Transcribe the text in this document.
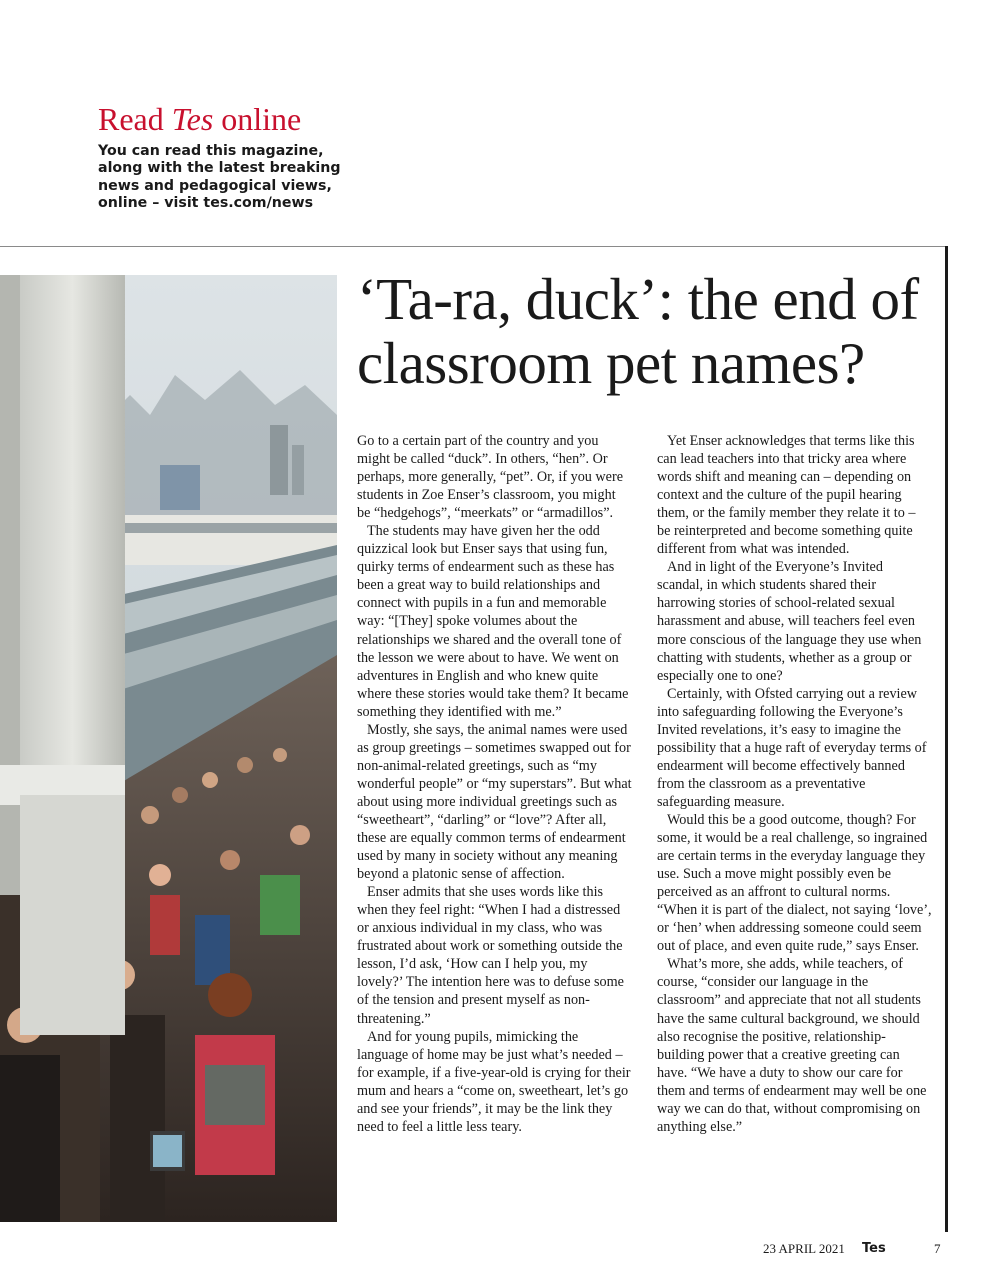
Read Tes online
You can read this magazine, along with the latest breaking news and pedagogical views, online – visit tes.com/news
‘Ta-ra, duck’: the end of classroom pet names?

Go to a certain part of the country and you might be called “duck”. In others, “hen”. Or perhaps, more generally, “pet”. Or, if you were students in Zoe Enser’s classroom, you might be “hedgehogs”, “meerkats” or “armadillos”.

The students may have given her the odd quizzical look but Enser says that using fun, quirky terms of endearment such as these has been a great way to build relationships and connect with pupils in a fun and memorable way: “[They] spoke volumes about the relationships we shared and the overall tone of the lesson we were about to have. We went on adventures in English and who knew quite where these stories would take them? It became something they identified with me.”

Mostly, she says, the animal names were used as group greetings – sometimes swapped out for non-animal-related greetings, such as “my wonderful people” or “my superstars”. But what about using more individual greetings such as “sweetheart”, “darling” or “love”? After all, these are equally common terms of endearment used by many in society without any meaning beyond a platonic sense of affection.

Enser admits that she uses words like this when they feel right: “When I had a distressed or anxious individual in my class, who was frustrated about work or something outside the lesson, I’d ask, ‘How can I help you, my lovely?’ The intention here was to defuse some of the tension and present myself as non-threatening.”

And for young pupils, mimicking the language of home may be just what’s needed – for example, if a five-year-old is crying for their mum and hears a “come on, sweetheart, let’s go and see your friends”, it may be the link they need to feel a little less teary.

Yet Enser acknowledges that terms like this can lead teachers into that tricky area where words shift and meaning can – depending on context and the culture of the pupil hearing them, or the family member they relate it to – be reinterpreted and become something quite different from what was intended.

And in light of the Everyone’s Invited scandal, in which students shared their harrowing stories of school-related sexual harassment and abuse, will teachers feel even more conscious of the language they use when chatting with students, whether as a group or especially one to one?

Certainly, with Ofsted carrying out a review into safeguarding following the Everyone’s Invited revelations, it’s easy to imagine the possibility that a huge raft of everyday terms of endearment will become effectively banned from the classroom as a preventative safeguarding measure.

Would this be a good outcome, though? For some, it would be a real challenge, so ingrained are certain terms in the everyday language they use. Such a move might possibly even be perceived as an affront to cultural norms. “When it is part of the dialect, not saying ‘love’, or ‘hen’ when addressing someone could seem out of place, and even quite rude,” says Enser.

What’s more, she adds, while teachers, of course, “consider our language in the classroom” and appreciate that not all students have the same cultural background, we should also recognise the positive, relationship-building power that a creative greeting can have. “We have a duty to show our care for them and terms of endearment may well be one way we can do that, without compromising on anything else.”

23 APRIL 2021 Tes	7
